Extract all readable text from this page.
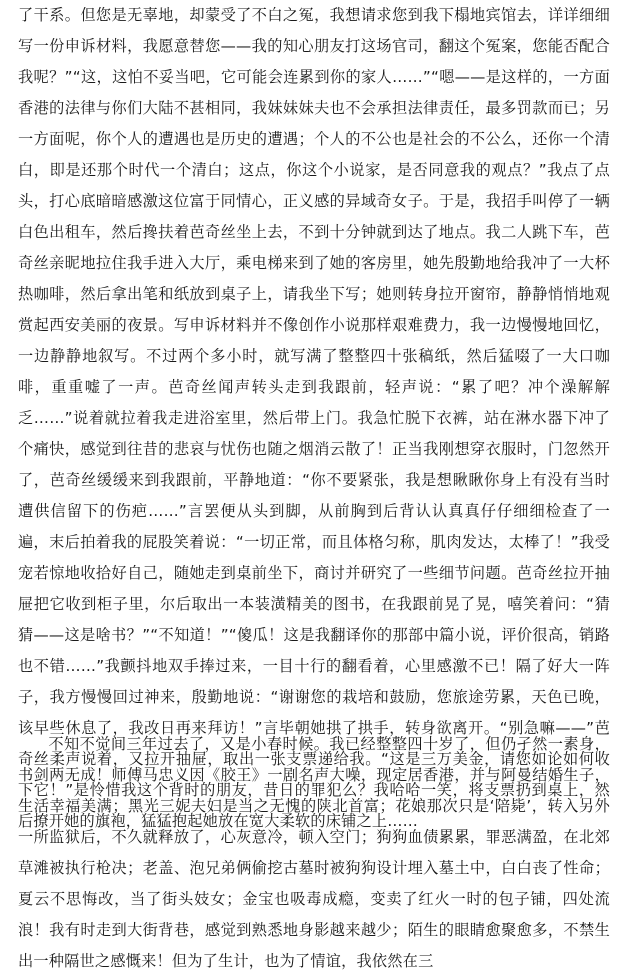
了干系。但您是无辜地，却蒙受了不白之冤，我想请求您到我下榻地宾馆去，详详细细写一份申诉材料，我愿意替您——我的知心朋友打这场官司，翻这个冤案，您能否配合我呢？”“这，这怕不妥当吧，它可能会连累到你的家人……”“嗯——是这样的，一方面香港的法律与你们大陆不甚相同，我妹妹妹夫也不会承担法律责任，最多罚款而已；另一方面呢，你个人的遭遇也是历史的遭遇；个人的不公也是社会的不公么，还你一个清白，即是还那个时代一个清白；这点，你这个小说家，是否同意我的观点？”我点了点头，打心底暗暗感激这位富于同情心，正义感的异域奇女子。于是，我招手叫停了一辆白色出租车，然后搀扶着芭奇丝坐上去，不到十分钟就到达了地点。我二人跳下车，芭奇丝亲昵地拉住我手进入大厅，乘电梯来到了她的客房里，她先殷勤地给我冲了一大杯热咖啡，然后拿出笔和纸放到桌子上，请我坐下写；她则转身拉开窗帘，静静悄悄地观赏起西安美丽的夜景。写申诉材料并不像创作小说那样艰难费力，我一边慢慢地回忆，一边静静地叙写。不过两个多小时，就写满了整整四十张稿纸，然后猛啜了一大口咖啡，重重嘘了一声。芭奇丝闻声转头走到我跟前，轻声说：“累了吧？冲个澡解解乏……”说着就拉着我走进浴室里，然后带上门。我急忙脱下衣裤，站在淋水器下冲了个痛快，感觉到往昔的悲哀与忧伤也随之烟消云散了！正当我刚想穿衣服时，门忽然开了，芭奇丝缓缓来到我跟前，平静地道：“你不要紧张，我是想瞅瞅你身上有没有当时遭供信留下的伤疤……”言罢便从头到脚，从前胸到后背认认真真仔仔细细检查了一遍，末后拍着我的屁股笑着说：“一切正常，而且体格匀称，肌肉发达，太棒了！”我受宠若惊地收拾好自己，随她走到桌前坐下，商讨并研究了一些细节问题。芭奇丝拉开抽屉把它收到柜子里，尔后取出一本装潢精美的图书，在我跟前晃了晃，嘻笑着问：“猜猜——这是啥书？”“不知道！”“傻瓜！这是我翻译你的那部中篇小说，评价很高，销路也不错……”我颤抖地双手捧过来，一目十行的翻看着，心里感激不已！隔了好大一阵子，我方慢慢回过神来，殷勤地说：“谢谢您的栽培和鼓励，您旅途劳累，天色已晚，该早些休息了，我改日再来拜访！”言毕朝她拱了拱手，转身欲离开。“别急嘛——”芭奇丝柔声说着，又拉开抽屉，取出一张支票递给我。“这是三万美金，请您如论如何收下它！”是怜惜我这个背时的朋友，昔日的罪犯么？我哈哈一笑，将支票扔到桌上，然后撩开她的旗袍，猛猛抱起她放在宽大柔软的床铺之上……

不知不觉间三年过去了，又是小春时候。我已经整整四十岁了，但仍孑然一素身，书剑两无成！师傅马忠义因《胶王》一剧名声大噪，现定居香港，并与阿曼结婚生子，生活幸福美满；黑光三妮夫妇是当之无愧的陕北首富；花娘那次只是‘陪毙’，转入另外一所监狱后，不久就释放了，心灰意冷，顿入空门；狗狗血债累累，罪恶满盈，在北郊草滩被执行枪决；老盖、泡兄弟俩偷挖古墓时被狗狗设计埋入墓土中，白白丧了性命；夏云不思悔改，当了街头妓女；金宝也吸毒成瘾，变卖了红火一时的包子铺，四处流浪！我有时走到大街背巷，感觉到熟悉地身影越来越少；陌生的眼睛愈聚愈多，不禁生出一种隔世之感慨来！但为了生计，也为了情谊，我依然在三
